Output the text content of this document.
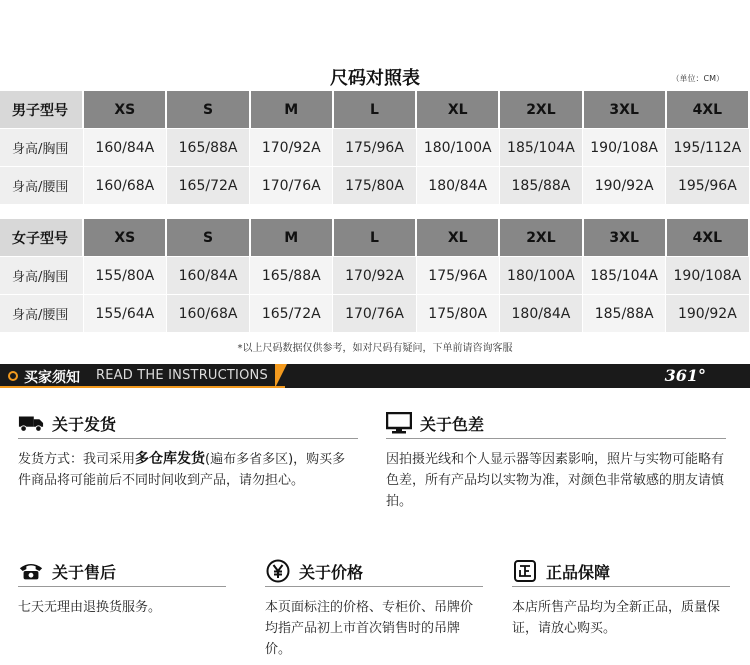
尺码对照表	（单位：CM）
男子型号	XS	S	M	L	XL	2XL	3XL	4XL
身高/胸围	160/84A	165/88A	170/92A	175/96A	180/100A	185/104A	190/108A	195/112A
身高/腰围	160/68A	165/72A	170/76A	175/80A	180/84A	185/88A	190/92A	195/96A
女子型号	XS	S	M	L	XL	2XL	3XL	4XL
身高/胸围	155/80A	160/84A	165/88A	170/92A	175/96A	180/100A	185/104A	190/108A
身高/腰围	155/64A	160/68A	165/72A	170/76A	175/80A	180/84A	185/88A	190/92A
*以上尺码数据仅供参考，如对尺码有疑问，下单前请咨询客服
买家须知 READ THE INSTRUCTIONS	361°
关于发货
发货方式：我司采用多仓库发货(遍布多省多区)，购买多件商品将可能前后不同时间收到产品，请勿担心。
关于色差
因拍摄光线和个人显示器等因素影响，照片与实物可能略有色差，所有产品均以实物为准，对颜色非常敏感的朋友请慎拍。
关于售后
七天无理由退换货服务。
关于价格
本页面标注的价格、专柜价、吊牌价均指产品初上市首次销售时的吊牌价。
正品保障
本店所售产品均为全新正品，质量保证，请放心购买。
